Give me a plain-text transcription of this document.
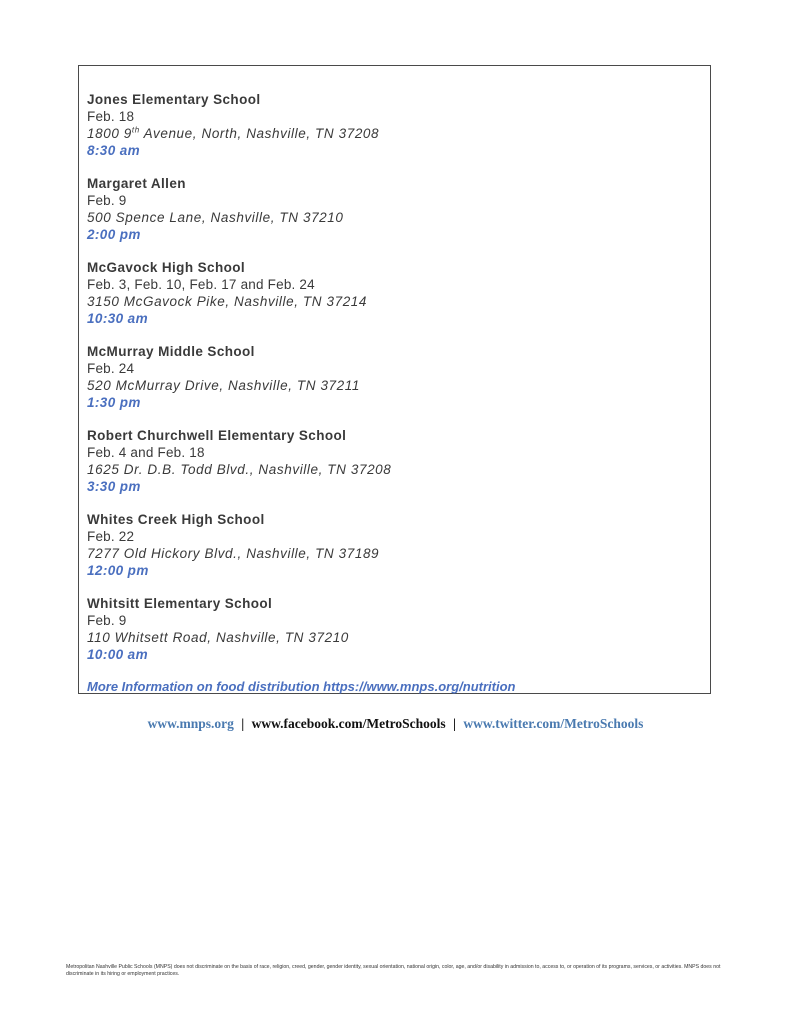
Jones Elementary School
Feb. 18
1800 9th Avenue, North, Nashville, TN 37208
8:30 am
Margaret Allen
Feb. 9
500 Spence Lane, Nashville, TN 37210
2:00 pm
McGavock High School
Feb. 3, Feb. 10, Feb. 17 and Feb. 24
3150 McGavock Pike, Nashville, TN 37214
10:30 am
McMurray Middle School
Feb. 24
520 McMurray Drive, Nashville, TN 37211
1:30 pm
Robert Churchwell Elementary School
Feb. 4 and Feb. 18
1625 Dr. D.B. Todd Blvd., Nashville, TN 37208
3:30 pm
Whites Creek High School
Feb. 22
7277 Old Hickory Blvd., Nashville, TN 37189
12:00 pm
Whitsitt Elementary School
Feb. 9
110 Whitsett Road, Nashville, TN 37210
10:00 am
More Information on food distribution https://www.mnps.org/nutrition
www.mnps.org | www.facebook.com/MetroSchools | www.twitter.com/MetroSchools
Metropolitan Nashville Public Schools (MNPS) does not discriminate on the basis of race, religion, creed, gender, gender identity, sexual orientation, national origin, color, age, and/or disability in admission to, access to, or operation of its programs, services, or activities. MNPS does not discriminate in its hiring or employment practices.
